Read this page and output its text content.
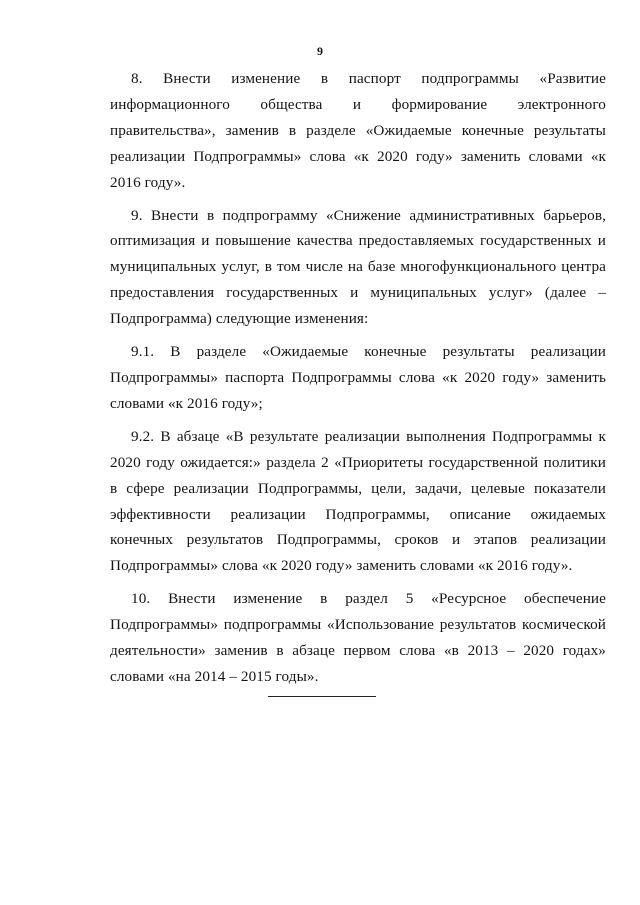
9

8. Внести изменение в паспорт подпрограммы «Развитие информационного общества и формирование электронного правительства», заменив в разделе «Ожидаемые конечные результаты реализации Подпрограммы» слова «к 2020 году» заменить словами «к 2016 году».

9. Внести в подпрограмму «Снижение административных барьеров, оптимизация и повышение качества предоставляемых государственных и муниципальных услуг, в том числе на базе многофункционального центра предоставления государственных и муниципальных услуг» (далее – Подпрограмма) следующие изменения:

9.1. В разделе «Ожидаемые конечные результаты реализации Подпрограммы» паспорта Подпрограммы слова «к 2020 году» заменить словами «к 2016 году»;

9.2. В абзаце «В результате реализации выполнения Подпрограммы к 2020 году ожидается:» раздела 2 «Приоритеты государственной политики в сфере реализации Подпрограммы, цели, задачи, целевые показатели эффективности реализации Подпрограммы, описание ожидаемых конечных результатов Подпрограммы, сроков и этапов реализации Подпрограммы» слова «к 2020 году» заменить словами «к 2016 году».

10. Внести изменение в раздел 5 «Ресурсное обеспечение Подпрограммы» подпрограммы «Использование результатов космической деятельности» заменив в абзаце первом слова «в 2013 – 2020 годах» словами «на 2014 – 2015 годы».
